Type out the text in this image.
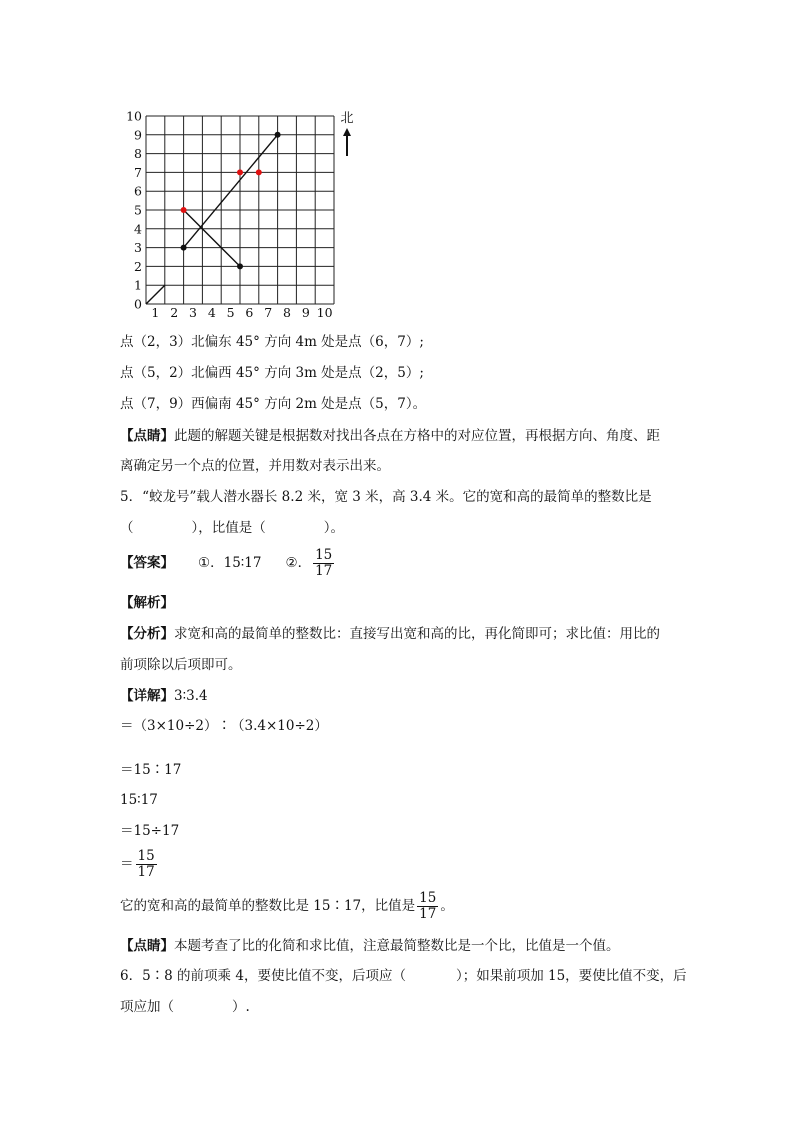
0
1
2
3
4
5
6
7
8
9
10
1 2 3 4 5 6 7 8 9 10
北
点（2，3）北偏东 45° 方向 4m 处是点（6，7）;
点（5，2）北偏西 45° 方向 3m 处是点（2，5）;
点（7，9）西偏南 45° 方向 2m 处是点（5，7）。
【点睛】此题的解题关键是根据数对找出各点在方格中的对应位置，再根据方向、角度、距
离确定另一个点的位置，并用数对表示出来。
5．“蛟龙号”载人潜水器长 8.2 米，宽 3 米，高 3.4 米。它的宽和高的最简单的整数比是
（	），比值是（	）。
【答案】 ①．15∶17 ②． $\frac{15}{17}$
【解析】
【分析】求宽和高的最简单的整数比：直接写出宽和高的比，再化简即可；求比值：用比的
前项除以后项即可。
【详解】3∶3.4
＝（3×10÷2）∶（3.4×10÷2）
＝15∶17
15∶17
＝15÷17
＝ $\frac{15}{17}$
它的宽和高的最简单的整数比是 15∶17，比值是 $\frac{15}{17}$ 。
【点睛】本题考查了比的化简和求比值，注意最简整数比是一个比，比值是一个值。
6．5∶8 的前项乘 4，要使比值不变，后项应（	）；如果前项加 15，要使比值不变，后
项应加（	）.
